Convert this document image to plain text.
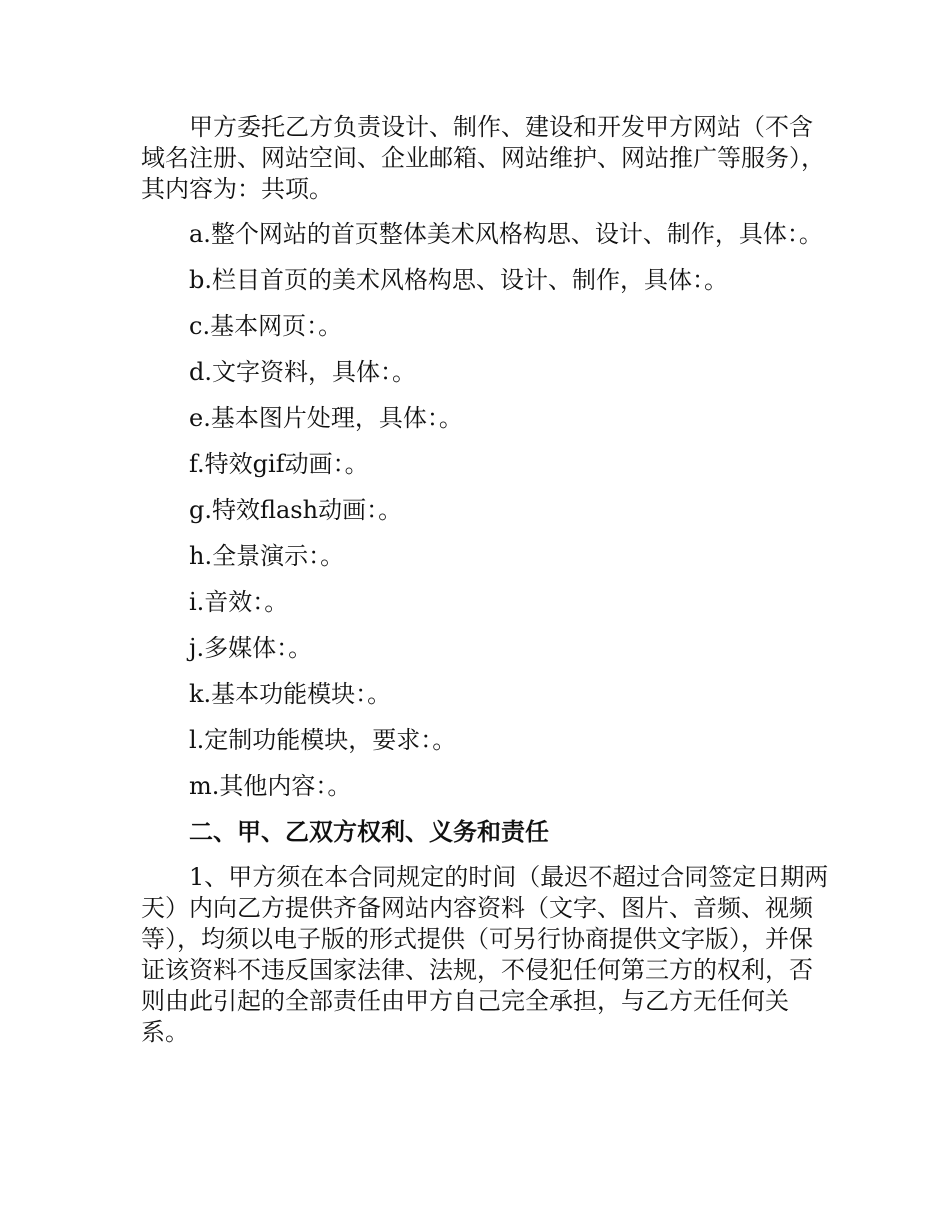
甲方委托乙方负责设计、制作、建设和开发甲方网站（不含域名注册、网站空间、企业邮箱、网站维护、网站推广等服务），其内容为：共项。

a.整个网站的首页整体美术风格构思、设计、制作，具体：。

b.栏目首页的美术风格构思、设计、制作，具体：。

c.基本网页：。

d.文字资料，具体：。

e.基本图片处理，具体：。

f.特效gif动画：。

g.特效flash动画：。

h.全景演示：。

i.音效：。

j.多媒体：。

k.基本功能模块：。

l.定制功能模块，要求：。

m.其他内容：。

二、甲、乙双方权利、义务和责任

1、甲方须在本合同规定的时间（最迟不超过合同签定日期两天）内向乙方提供齐备网站内容资料（文字、图片、音频、视频等），均须以电子版的形式提供（可另行协商提供文字版），并保证该资料不违反国家法律、法规，不侵犯任何第三方的权利，否则由此引起的全部责任由甲方自己完全承担，与乙方无任何关系。
